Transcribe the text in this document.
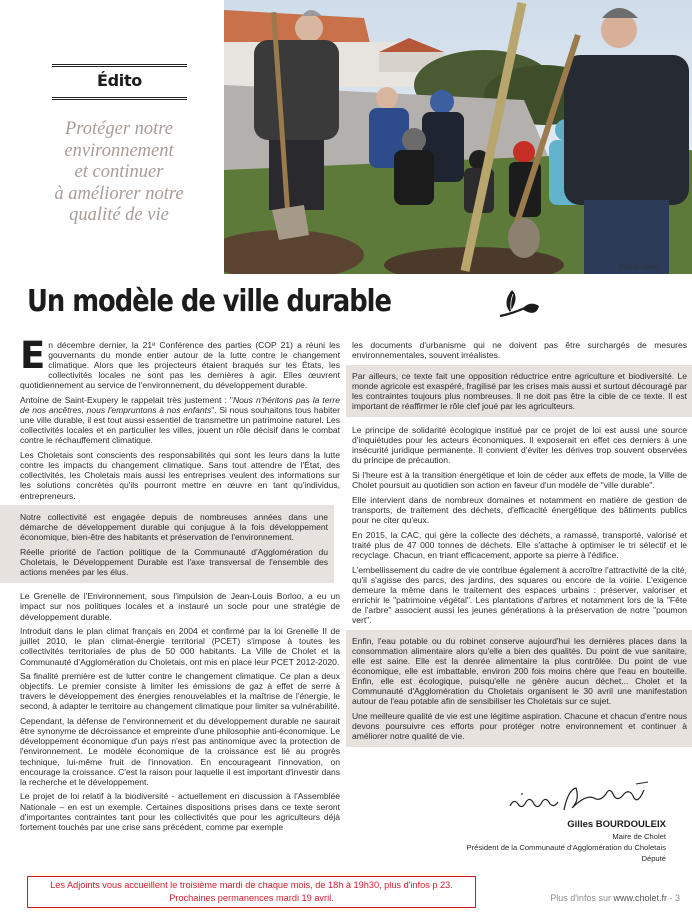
Édito
Protéger notre
environnement
et continuer
à améliorer notre
qualité de vie
Fête de l'arbre
Un modèle de ville durable

En décembre dernier, la 21ᵉ Conférence des parties (COP 21) a réuni les gouvernants du monde entier autour de la lutte contre le changement climatique. Alors que les projecteurs étaient braqués sur les États, les collectivités locales ne sont pas les dernières à agir. Elles œuvrent quotidiennement au service de l'environnement, du développement durable.

Antoine de Saint-Exupery le rappelait très justement : "Nous n'héritons pas la terre de nos ancêtres, nous l'empruntons à nos enfants". Si nous souhaitons tous habiter une ville durable, il est tout aussi essentiel de transmettre un patrimoine naturel. Les collectivités locales et en particulier les villes, jouent un rôle décisif dans le combat contre le réchauffement climatique.

Les Choletais sont conscients des responsabilités qui sont les leurs dans la lutte contre les impacts du changement climatique. Sans tout attendre de l'État, des collectivités, les Choletais mais aussi les entreprises veulent des informations sur les solutions concrètes qu'ils pourront mettre en œuvre en tant qu'individus, entrepreneurs.

Notre collectivité est engagée depuis de nombreuses années dans une démarche de développement durable qui conjugue à la fois développement économique, bien-être des habitants et préservation de l'environnement.

Réelle priorité de l'action politique de la Communauté d'Agglomération du Choletais, le Développement Durable est l'axe transversal de l'ensemble des actions menées par les élus.

Le Grenelle de l'Environnement, sous l'impulsion de Jean-Louis Borloo, a eu un impact sur nos politiques locales et a instauré un socle pour une stratégie de développement durable.

Introduit dans le plan climat français en 2004 et confirmé par la loi Grenelle II de juillet 2010, le plan climat-énergie territorial (PCET) s'impose à toutes les collectivités territoriales de plus de 50 000 habitants. La Ville de Cholet et la Communauté d'Agglomération du Choletais, ont mis en place leur PCET 2012-2020.

Sa finalité première est de lutter contre le changement climatique. Ce plan a deux objectifs. Le premier consiste à limiter les émissions de gaz à effet de serre à travers le développement des énergies renouvelables et la maîtrise de l'énergie, le second, à adapter le territoire au changement climatique pour limiter sa vulnérabilité.

Cependant, la défense de l'environnement et du développement durable ne saurait être synonyme de décroissance et empreinte d'une philosophie anti-économique. Le développement économique d'un pays n'est pas antinomique avec la protection de l'environnement. Le modèle économique de la croissance est lié au progrès technique, lui-même fruit de l'innovation. En encourageant l'innovation, on encourage la croissance. C'est la raison pour laquelle il est important d'investir dans la recherche et le développement.

Le projet de loi relatif à la biodiversité - actuellement en discussion à l'Assemblée Nationale – en est un exemple. Certaines dispositions prises dans ce texte seront d'importantes contraintes tant pour les collectivités que pour les agriculteurs déjà fortement touchés par une crise sans précédent, comme par exemple

les documents d'urbanisme qui ne doivent pas être surchargés de mesures environnementales, souvent irréalistes.

Par ailleurs, ce texte fait une opposition réductrice entre agriculture et biodiversité. Le monde agricole est exaspéré, fragilisé par les crises mais aussi et surtout découragé par les contraintes toujours plus nombreuses. Il ne doit pas être la cible de ce texte. Il est important de réaffirmer le rôle clef joué par les agriculteurs.

Le principe de solidarité écologique institué par ce projet de loi est aussi une source d'inquiétudes pour les acteurs économiques. Il exposerait en effet ces derniers à une insécurité juridique permanente. Il convient d'éviter les dérives trop souvent observées du principe de précaution.

Si l'heure est à la transition énergétique et loin de céder aux effets de mode, la Ville de Cholet poursuit au quotidien son action en faveur d'un modèle de "ville durable".

Elle intervient dans de nombreux domaines et notamment en matière de gestion de transports, de traitement des déchets, d'efficacité énergétique des bâtiments publics pour ne citer qu'eux.

En 2015, la CAC, qui gère la collecte des déchets, a ramassé, transporté, valorisé et traité plus de 47 000 tonnes de déchets. Elle s'attache à optimiser le tri sélectif et le recyclage. Chacun, en triant efficacement, apporte sa pierre à l'édifice.

L'embellissement du cadre de vie contribue également à accroître l'attractivité de la cité, qu'il s'agisse des parcs, des jardins, des squares ou encore de la voirie. L'exigence demeure la même dans le traitement des espaces urbains : préserver, valoriser et enrichir le "patrimoine végétal". Les plantations d'arbres et notamment lors de la "Fête de l'arbre" associent aussi les jeunes générations à la préservation de notre "poumon vert".

Enfin, l'eau potable ou du robinet conserve aujourd'hui les dernières places dans la consommation alimentaire alors qu'elle a bien des qualités. Du point de vue sanitaire, elle est saine. Elle est la denrée alimentaire la plus contrôlée. Du point de vue économique, elle est imbattable, environ 200 fois moins chère que l'eau en bouteille. Enfin, elle est écologique, puisqu'elle ne génère aucun déchet... Cholet et la Communauté d'Agglomération du Choletais organisent le 30 avril une manifestation autour de l'eau potable afin de sensibiliser les Choletais sur ce sujet.

Une meilleure qualité de vie est une légitime aspiration. Chacune et chacun d'entre nous devons poursuivre ces efforts pour protéger notre environnement et continuer à améliorer notre qualité de vie.

Gilles BOURDOULEIX
Maire de Cholet
Président de la Communauté d'Agglomération du Choletais
Député
Les Adjoints vous accueillent le troisième mardi de chaque mois, de 18h à 19h30, plus d'infos p 23.
Prochaines permanences mardi 19 avril.	Plus d'infos sur www.cholet.fr - 3
